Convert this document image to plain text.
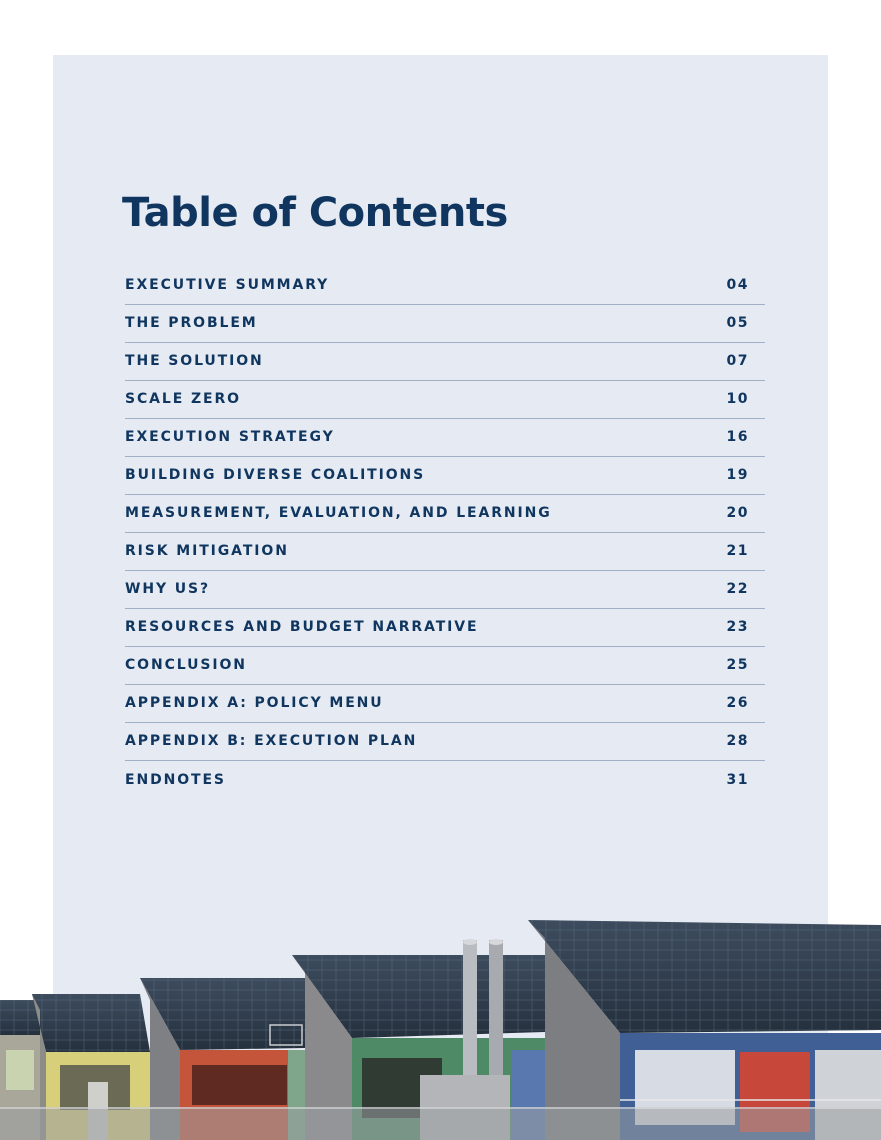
Table of Contents
EXECUTIVE SUMMARY	04
THE PROBLEM	05
THE SOLUTION	07
SCALE ZERO	10
EXECUTION STRATEGY	16
BUILDING DIVERSE COALITIONS	19
MEASUREMENT, EVALUATION, AND LEARNING	20
RISK MITIGATION	21
WHY US?	22
RESOURCES AND BUDGET NARRATIVE	23
CONCLUSION	25
APPENDIX A: POLICY MENU	26
APPENDIX B: EXECUTION PLAN	28
ENDNOTES	31
